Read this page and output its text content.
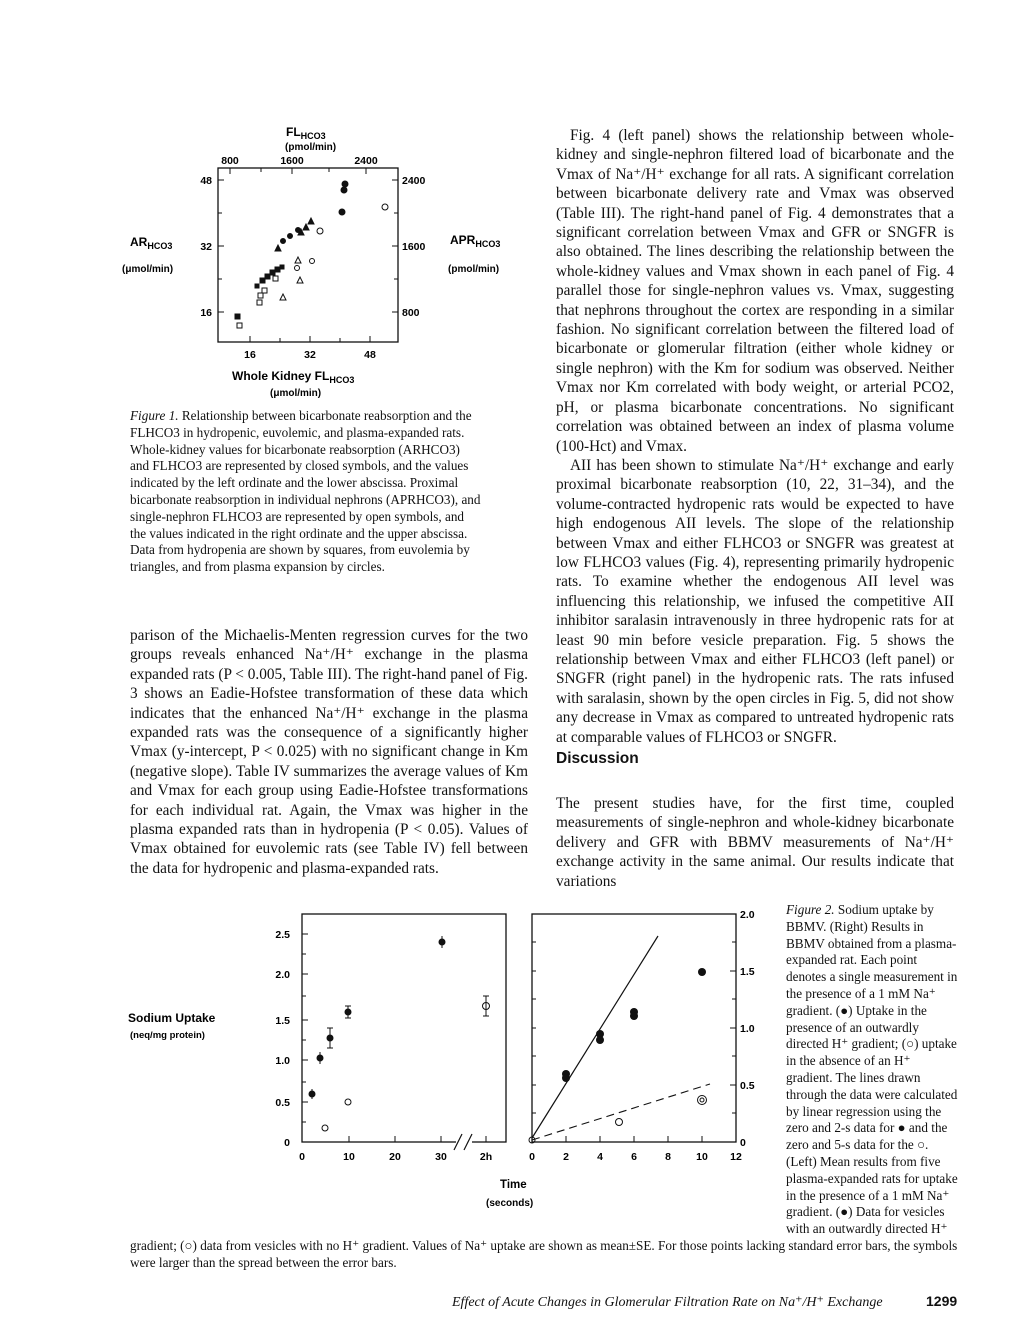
$FL_{HCO3}$
(pmol/min)
800	1600	2400
48
32
16
$AR_{HCO3}$
(μmol/min)
2400
1600
800
$APR_{HCO3}$
(pmol/min)
16	32	48
Whole Kidney $FL_{HCO3}$
(μmol/min)
Figure 1. Relationship between bicarbonate reabsorption and the FLHCO3 in hydropenic, euvolemic, and plasma-expanded rats. Whole-kidney values for bicarbonate reabsorption (ARHCO3) and FLHCO3 are represented by closed symbols, and the values indicated by the left ordinate and the lower abscissa. Proximal bicarbonate reabsorption in individual nephrons (APRHCO3), and single-nephron FLHCO3 are represented by open symbols, and the values indicated in the right ordinate and the upper abscissa. Data from hydropenia are shown by squares, from euvolemia by triangles, and from plasma expansion by circles.

parison of the Michaelis-Menten regression curves for the two groups reveals enhanced Na⁺/H⁺ exchange in the plasma expanded rats (P < 0.005, Table III). The right-hand panel of Fig. 3 shows an Eadie-Hofstee transformation of these data which indicates that the enhanced Na⁺/H⁺ exchange in the plasma expanded rats was the consequence of a significantly higher Vmax (y-intercept, P < 0.025) with no significant change in Km (negative slope). Table IV summarizes the average values of Km and Vmax for each group using Eadie-Hofstee transformations for each individual rat. Again, the Vmax was higher in the plasma expanded rats than in hydropenia (P < 0.05). Values of Vmax obtained for euvolemic rats (see Table IV) fell between the data for hydropenic and plasma-expanded rats.

Fig. 4 (left panel) shows the relationship between whole-kidney and single-nephron filtered load of bicarbonate and the Vmax of Na⁺/H⁺ exchange for all rats. A significant correlation between bicarbonate delivery rate and Vmax was observed (Table III). The right-hand panel of Fig. 4 demonstrates that a significant correlation between Vmax and GFR or SNGFR is also obtained. The lines describing the relationship between the whole-kidney values and Vmax shown in each panel of Fig. 4 parallel those for single-nephron values vs. Vmax, suggesting that nephrons throughout the cortex are responding in a similar fashion. No significant correlation between the filtered load of bicarbonate or glomerular filtration (either whole kidney or single nephron) with the Km for sodium was observed. Neither Vmax nor Km correlated with body weight, or arterial PCO2, pH, or plasma bicarbonate concentrations. No significant correlation was obtained between an index of plasma volume (100-Hct) and Vmax.

AII has been shown to stimulate Na⁺/H⁺ exchange and early proximal bicarbonate reabsorption (10, 22, 31–34), and the volume-contracted hydropenic rats would be expected to have high endogenous AII levels. The slope of the relationship between Vmax and either FLHCO3 or SNGFR was greatest at low FLHCO3 values (Fig. 4), representing primarily hydropenic rats. To examine whether the endogenous AII level was influencing this relationship, we infused the competitive AII inhibitor saralasin intravenously in three hydropenic rats for at least 90 min before vesicle preparation. Fig. 5 shows the relationship between Vmax and either FLHCO3 (left panel) or SNGFR (right panel) in the hydropenic rats. The rats infused with saralasin, shown by the open circles in Fig. 5, did not show any decrease in Vmax as compared to untreated hydropenic rats at comparable values of FLHCO3 or SNGFR.

Discussion

The present studies have, for the first time, coupled measurements of single-nephron and whole-kidney bicarbonate delivery and GFR with BBMV measurements of Na⁺/H⁺ exchange activity in the same animal. Our results indicate that variations

Sodium Uptake
(neq/mg protein)
2.5
2.0
1.5
1.0
0.5
0
0	10	20	30	2h
2.0
1.5
1.0
0.5
0
0	2	4	6	8 10 12
Time
(seconds)
Figure 2. Sodium uptake by BBMV. (Right) Results in BBMV obtained from a plasma-expanded rat. Each point denotes a single measurement in the presence of a 1 mM Na⁺ gradient. (●) Uptake in the presence of an outwardly directed H⁺ gradient; (○) uptake in the absence of an H⁺ gradient. The lines drawn through the data were calculated by linear regression using the zero and 2-s data for ● and the zero and 5-s data for the ○. (Left) Mean results from five plasma-expanded rats for uptake in the presence of a 1 mM Na⁺ gradient. (●) Data for vesicles with an outwardly directed H⁺ gradient; (○) data from vesicles with no H⁺ gradient. Values of Na⁺ uptake are shown as mean±SE. For those points lacking standard error bars, the symbols were larger than the spread between the error bars.
Effect of Acute Changes in Glomerular Filtration Rate on Na⁺/H⁺ Exchange	1299
